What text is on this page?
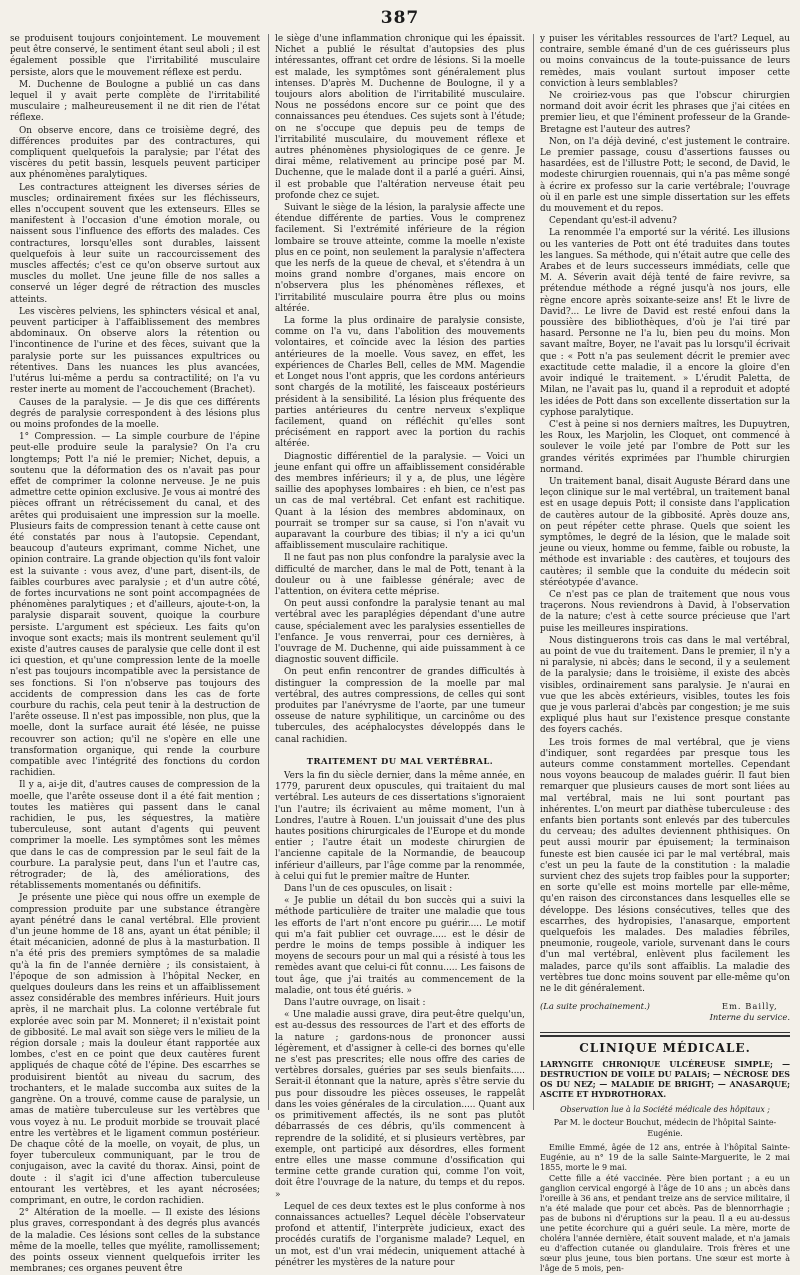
387

se produisent toujours conjointement. Le mouvement peut être conservé, le sentiment étant seul aboli ; il est également possible que l'irritabilité musculaire persiste, alors que le mouvement réflexe est perdu.

M. Duchenne de Boulogne a publié un cas dans lequel il y avait perte complète de l'irritabilité musculaire ; malheureusement il ne dit rien de l'état réflexe.

On observe encore, dans ce troisième degré, des différences produites par des contractures, qui compliquent quelquefois la paralysie; par l'état des viscères du petit bassin, lesquels peuvent participer aux phénomènes paralytiques.

Les contractures atteignent les diverses séries de muscles; ordinairement fixées sur les fléchisseurs, elles n'occupent souvent que les extenseurs. Elles se manifestent à l'occasion d'une émotion morale, ou naissent sous l'influence des efforts des malades. Ces contractures, lorsqu'elles sont durables, laissent quelquefois à leur suite un raccourcissement des muscles affectés; c'est ce qu'on observe surtout aux muscles du mollet. Une jeune fille de nos salles a conservé un léger degré de rétraction des muscles atteints.

Les viscères pelviens, les sphincters vésical et anal, peuvent participer à l'affaiblissement des membres abdominaux. On observe alors la rétention ou l'incontinence de l'urine et des fèces, suivant que la paralysie porte sur les puissances expultrices ou rétentives. Dans les nuances les plus avancées, l'utérus lui-même a perdu sa contractilité; on l'a vu rester inerte au moment de l'accouchement (Brachet).

Causes de la paralysie. — Je dis que ces différents degrés de paralysie correspondent à des lésions plus ou moins profondes de la moelle.

1° Compression. — La simple courbure de l'épine peut-elle produire seule la paralysie? On l'a cru longtemps; Pott l'a nié le premier; Nichet, depuis, a soutenu que la déformation des os n'avait pas pour effet de comprimer la colonne nerveuse. Je ne puis admettre cette opinion exclusive. Je vous ai montré des pièces offrant un rétrécissement du canal, et des arêtes qui produisaient une impression sur la moelle. Plusieurs faits de compression tenant à cette cause ont été constatés par nous à l'autopsie. Cependant, beaucoup d'auteurs exprimant, comme Nichet, une opinion contraire. La grande objection qu'ils font valoir est la suivante : vous avez, d'une part, disent-ils, de faibles courbures avec paralysie ; et d'un autre côté, de fortes incurvations ne sont point accompagnées de phénomènes paralytiques ; et d'ailleurs, ajoute-t-on, la paralysie disparait souvent, quoique la courbure persiste. L'argument est spécieux. Les faits qu'on invoque sont exacts; mais ils montrent seulement qu'il existe d'autres causes de paralysie que celle dont il est ici question, et qu'une compression lente de la moelle n'est pas toujours incompatible avec la persistance de ses fonctions. Si l'on n'observe pas toujours des accidents de compression dans les cas de forte courbure du rachis, cela peut tenir à la destruction de l'arête osseuse. Il n'est pas impossible, non plus, que la moelle, dont la surface aurait été lésée, ne puisse recouvrer son action; qu'il ne s'opère en elle une transformation organique, qui rende la courbure compatible avec l'intégrité des fonctions du cordon rachidien.

Il y a, ai-je dit, d'autres causes de compression de la moelle, que l'arête osseuse dont il a été fait mention ; toutes les matières qui passent dans le canal rachidien, le pus, les séquestres, la matière tuberculeuse, sont autant d'agents qui peuvent comprimer la moelle. Les symptômes sont les mêmes que dans le cas de compression par le seul fait de la courbure. La paralysie peut, dans l'un et l'autre cas, rétrograder; de là, des améliorations, des rétablissements momentanés ou définitifs.

Je présente une pièce qui nous offre un exemple de compression produite par une substance étrangère ayant pénétré dans le canal vertébral. Elle provient d'un jeune homme de 18 ans, ayant un état pénible; il était mécanicien, adonné de plus à la masturbation. Il n'a été pris des premiers symptômes de sa maladie qu'à la fin de l'année dernière ; ils consistaient, à l'époque de son admission à l'hôpital Necker, en quelques douleurs dans les reins et un affaiblissement assez considérable des membres inférieurs. Huit jours après, il ne marchait plus. La colonne vertébrale fut explorée avec soin par M. Monneret; il n'existait point de gibbosité. Le mal avait son siège vers le milieu de la région dorsale ; mais la douleur étant rapportée aux lombes, c'est en ce point que deux cautères furent appliqués de chaque côté de l'épine. Des escarrhes se produisirent bientôt au niveau du sacrum, des trochanters, et le malade succomba aux suites de la gangrène. On a trouvé, comme cause de paralysie, un amas de matière tuberculeuse sur les vertèbres que vous voyez à nu. Le produit morbide se trouvait placé entre les vertèbres et le ligament commun postérieur. De chaque côté de la moelle, on voyait, de plus, un foyer tuberculeux communiquant, par le trou de conjugaison, avec la cavité du thorax. Ainsi, point de doute : il s'agit ici d'une affection tuberculeuse entourant les vertèbres, et les ayant nécrosées; comprimant, en outre, le cordon rachidien.

2° Altération de la moelle. — Il existe des lésions plus graves, correspondant à des degrés plus avancés de la maladie. Ces lésions sont celles de la substance même de la moelle, telles que myélite, ramollissement; des points osseux viennent quelquefois irriter les membranes; ces organes peuvent être

le siège d'une inflammation chronique qui les épaissit. Nichet a publié le résultat d'autopsies des plus intéressantes, offrant cet ordre de lésions. Si la moelle est malade, les symptômes sont généralement plus intenses. D'après M. Duchenne de Boulogne, il y a toujours alors abolition de l'irritabilité musculaire. Nous ne possédons encore sur ce point que des connaissances peu étendues. Ces sujets sont à l'étude; on ne s'occupe que depuis peu de temps de l'irritabilité musculaire, du mouvement réflexe et autres phénomènes physiologiques de ce genre. Je dirai même, relativement au principe posé par M. Duchenne, que le malade dont il a parlé a guéri. Ainsi, il est probable que l'altération nerveuse était peu profonde chez ce sujet.

Suivant le siège de la lésion, la paralysie affecte une étendue différente de parties. Vous le comprenez facilement. Si l'extrémité inférieure de la région lombaire se trouve atteinte, comme la moelle n'existe plus en ce point, non seulement la paralysie n'affectera que les nerfs de la queue de cheval, et s'étendra à un moins grand nombre d'organes, mais encore on n'observera plus les phénomènes réflexes, et l'irritabilité musculaire pourra être plus ou moins altérée.

La forme la plus ordinaire de paralysie consiste, comme on l'a vu, dans l'abolition des mouvements volontaires, et coïncide avec la lésion des parties antérieures de la moelle. Vous savez, en effet, les expériences de Charles Bell, celles de MM. Magendie et Longet nous l'ont appris, que les cordons antérieurs sont chargés de la motilité, les faisceaux postérieurs président à la sensibilité. La lésion plus fréquente des parties antérieures du centre nerveux s'explique facilement, quand on réfléchit qu'elles sont précisément en rapport avec la portion du rachis altérée.

Diagnostic différentiel de la paralysie. — Voici un jeune enfant qui offre un affaiblissement considérable des membres inférieurs; il y a, de plus, une légère saillie des apophyses lombaires : eh bien, ce n'est pas un cas de mal vertébral. Cet enfant est rachitique. Quant à la lésion des membres abdominaux, on pourrait se tromper sur sa cause, si l'on n'avait vu auparavant la courbure des tibias; il n'y a ici qu'un affaiblissement musculaire rachitique.

Il ne faut pas non plus confondre la paralysie avec la difficulté de marcher, dans le mal de Pott, tenant à la douleur ou à une faiblesse générale; avec de l'attention, on évitera cette méprise.

On peut aussi confondre la paralysie tenant au mal vertébral avec les paraplégies dépendant d'une autre cause, spécialement avec les paralysies essentielles de l'enfance. Je vous renverrai, pour ces dernières, à l'ouvrage de M. Duchenne, qui aide puissamment à ce diagnostic souvent difficile.

On peut enfin rencontrer de grandes difficultés à distinguer la compression de la moelle par mal vertébral, des autres compressions, de celles qui sont produites par l'anévrysme de l'aorte, par une tumeur osseuse de nature syphilitique, un carcinôme ou des tubercules, des acéphalocystes développés dans le canal rachidien.

TRAITEMENT DU MAL VERTÉBRAL.

Vers la fin du siècle dernier, dans la même année, en 1779, parurent deux opuscules, qui traitaient du mal vertébral. Les auteurs de ces dissertations s'ignoraient l'un l'autre; ils écrivaient au même moment, l'un à Londres, l'autre à Rouen. L'un jouissait d'une des plus hautes positions chirurgicales de l'Europe et du monde entier ; l'autre était un modeste chirurgien de l'ancienne capitale de la Normandie, de beaucoup inférieur d'ailleurs, par l'âge comme par la renommée, à celui qui fut le premier maître de Hunter.

Dans l'un de ces opuscules, on lisait :

« Je publie un détail du bon succès qui a suivi la méthode particulière de traiter une maladie que tous les efforts de l'art n'ont encore pu guérir..... Le motif qui m'a fait publier cet ouvrage..... est le désir de perdre le moins de temps possible à indiquer les moyens de secours pour un mal qui a résisté à tous les remèdes avant que celui-ci fût connu..... Les faisons de tout âge, que j'ai traités au commencement de la maladie, ont tous été guéris. »

Dans l'autre ouvrage, on lisait :

« Une maladie aussi grave, dira peut-être quelqu'un, est au-dessus des ressources de l'art et des efforts de la nature ; gardons-nous de prononcer aussi légèrement, et d'assigner à celle-ci des bornes qu'elle ne s'est pas prescrites; elle nous offre des caries de vertèbres dorsales, guéries par ses seuls bienfaits..... Serait-il étonnant que la nature, après s'être servie du pus pour dissoudre les pièces osseuses, le rappelât dans les voies générales de la circulation..... Quant aux os primitivement affectés, ils ne sont pas plutôt débarrassés de ces débris, qu'ils commencent à reprendre de la solidité, et si plusieurs vertèbres, par exemple, ont participé aux désordres, elles forment entre elles une masse commune d'ossification qui termine cette grande curation qui, comme l'on voit, doit être l'ouvrage de la nature, du temps et du repos. »

Lequel de ces deux textes est le plus conforme à nos connaissances actuelles? Lequel décèle l'observateur profond et attentif, l'interprète judicieux, exact des procédés curatifs de l'organisme malade? Lequel, en un mot, est d'un vrai médecin, uniquement attaché à pénétrer les mystères de la nature pour

y puiser les véritables ressources de l'art? Lequel, au contraire, semble émané d'un de ces guérisseurs plus ou moins convaincus de la toute-puissance de leurs remèdes, mais voulant surtout imposer cette conviction à leurs semblables?

Ne croiriez-vous pas que l'obscur chirurgien normand doit avoir écrit les phrases que j'ai citées en premier lieu, et que l'éminent professeur de la Grande-Bretagne est l'auteur des autres?

Non, on l'a déjà deviné, c'est justement le contraire. Le premier passage, cousu d'assertions fausses ou hasardées, est de l'illustre Pott; le second, de David, le modeste chirurgien rouennais, qui n'a pas même songé à écrire ex professo sur la carie vertébrale; l'ouvrage où il en parle est une simple dissertation sur les effets du mouvement et du repos.

Cependant qu'est-il advenu?

La renommée l'a emporté sur la vérité. Les illusions ou les vanteries de Pott ont été traduites dans toutes les langues. Sa méthode, qui n'était autre que celle des Arabes et de leurs successeurs immédiats, celle que M. A. Séverin avait déjà tenté de faire revivre, sa prétendue méthode a régné jusqu'à nos jours, elle règne encore après soixante-seize ans! Et le livre de David?... Le livre de David est resté enfoui dans la poussière des bibliothèques, d'où je l'ai tiré par hasard. Personne ne l'a lu, bien peu du moins. Mon savant maître, Boyer, ne l'avait pas lu lorsqu'il écrivait que : « Pott n'a pas seulement décrit le premier avec exactitude cette maladie, il a encore la gloire d'en avoir indiqué le traitement. » L'érudit Paletta, de Milan, ne l'avait pas lu, quand il a reproduit et adopté les idées de Pott dans son excellente dissertation sur la cyphose paralytique.

C'est à peine si nos derniers maîtres, les Dupuytren, les Roux, les Marjolin, les Cloquet, ont commencé à soulever le voile jeté par l'ombre de Pott sur les grandes vérités exprimées par l'humble chirurgien normand.

Un traitement banal, disait Auguste Bérard dans une leçon clinique sur le mal vertébral, un traitement banal est en usage depuis Pott; il consiste dans l'application de cautères autour de la gibbosité. Après douze ans, on peut répéter cette phrase. Quels que soient les symptômes, le degré de la lésion, que le malade soit jeune ou vieux, homme ou femme, faible ou robuste, la méthode est invariable : des cautères, et toujours des cautères; il semble que la conduite du médecin soit stéréotypée d'avance.

Ce n'est pas ce plan de traitement que nous vous traçerons. Nous reviendrons à David, à l'observation de la nature; c'est à cette source précieuse que l'art puise les meilleures inspirations.

Nous distinguerons trois cas dans le mal vertébral, au point de vue du traitement. Dans le premier, il n'y a ni paralysie, ni abcès; dans le second, il y a seulement de la paralysie; dans le troisième, il existe des abcès visibles, ordinairement sans paralysie. Je n'aurai en vue que les abcès extérieurs, visibles, toutes les fois que je vous parlerai d'abcès par congestion; je me suis expliqué plus haut sur l'existence presque constante des foyers cachés.

Les trois formes de mal vertébral, que je viens d'indiquer, sont regardées par presque tous les auteurs comme constamment mortelles. Cependant nous voyons beaucoup de malades guérir. Il faut bien remarquer que plusieurs causes de mort sont liées au mal vertébral, mais ne lui sont pourtant pas inhérentes. L'on meurt par diathèse tuberculeuse : des enfants bien portants sont enlevés par des tubercules du cerveau; des adultes deviennent phthisiques. On peut aussi mourir par épuisement; la terminaison funeste est bien causée ici par le mal vertébral, mais c'est un peu la faute de la constitution : la maladie survient chez des sujets trop faibles pour la supporter; en sorte qu'elle est moins mortelle par elle-même, qu'en raison des circonstances dans lesquelles elle se développe. Des lésions consécutives, telles que des escarrhes, des hydropisies, l'anasarque, emportent quelquefois les malades. Des maladies fébriles, pneumonie, rougeole, variole, survenant dans le cours d'un mal vertébral, enlèvent plus facilement les malades, parce qu'ils sont affaiblis. La maladie des vertèbres tue donc moins souvent par elle-même qu'on ne le dit généralement.

(La suite prochainement.)	Em. Bailly,
Interne du service.
CLINIQUE MÉDICALE.
LARYNGITE CHRONIQUE ULCÉREUSE SIMPLE; — DESTRUCTION DE VOILE DU PALAIS; — NÉCROSE DES OS DU NEZ; — MALADIE DE BRIGHT; — ANASARQUE; ASCITE ET HYDROTHORAX.
Observation lue à la Société médicale des hôpitaux ;
Par M. le docteur Bouchut, médecin de l'hôpital Sainte-Eugénie.

Emilie Emmé, âgée de 12 ans, entrée à l'hôpital Sainte-Eugénie, au n° 19 de la salle Sainte-Marguerite, le 2 mai 1855, morte le 9 mai.

Cette fille a été vaccinée. Père bien portant ; a eu un ganglion cervical engorgé à l'âge de 10 ans ; un abcès dans l'oreille à 36 ans, et pendant treize ans de service militaire, il n'a été malade que pour cet abcès. Pas de blennorrhagie ; pas de bubons ni d'éruptions sur la peau. Il a eu au-dessus une petite écorchure qui a guéri seule. La mère, morte de choléra l'année dernière, était souvent malade, et n'a jamais eu d'affection cutanée ou glandulaire. Trois frères et une sœur plus jeune, tous bien portans. Une sœur est morte à l'âge de 5 mois, pen-
